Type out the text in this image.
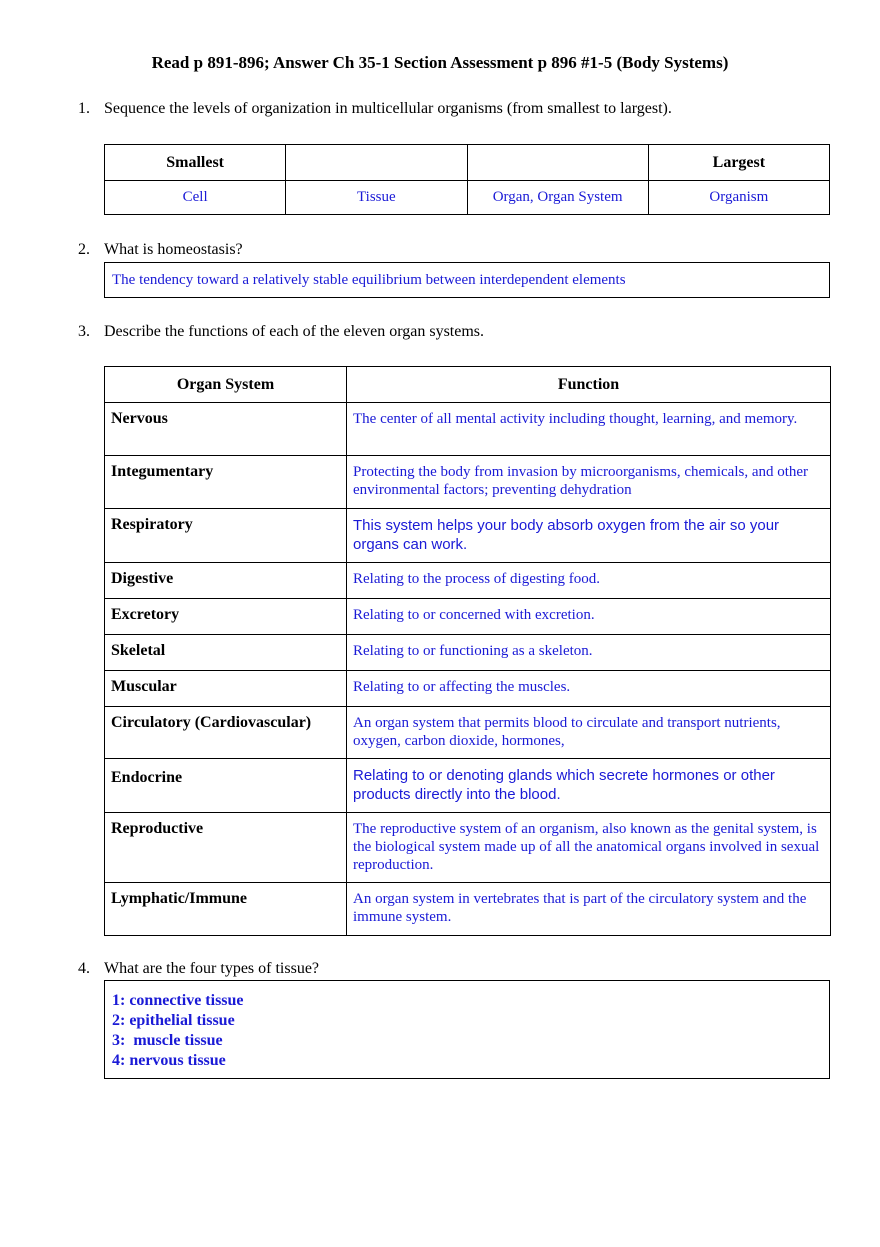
Read p 891-896; Answer Ch 35-1 Section Assessment p 896 #1-5 (Body Systems)
1. Sequence the levels of organization in multicellular organisms (from smallest to largest).
Smallest			Largest
Cell	Tissue	Organ, Organ System	Organism
2. What is homeostasis?
The tendency toward a relatively stable equilibrium between interdependent elements
3. Describe the functions of each of the eleven organ systems.
Organ System	Function
Nervous	The center of all mental activity including thought, learning, and memory.
Integumentary	Protecting the body from invasion by microorganisms, chemicals, and other environmental factors; preventing dehydration
Respiratory	This system helps your body absorb oxygen from the air so your organs can work.
Digestive	Relating to the process of digesting food.
Excretory	Relating to or concerned with excretion.
Skeletal	Relating to or functioning as a skeleton.
Muscular	Relating to or affecting the muscles.
Circulatory (Cardiovascular)	An organ system that permits blood to circulate and transport nutrients, oxygen, carbon dioxide, hormones,
Endocrine	Relating to or denoting glands which secrete hormones or other products directly into the blood.
Reproductive	The reproductive system of an organism, also known as the genital system, is the biological system made up of all the anatomical organs involved in sexual reproduction.
Lymphatic/Immune	An organ system in vertebrates that is part of the circulatory system and the immune system.
4. What are the four types of tissue?
1: connective tissue
2: epithelial tissue
3:  muscle tissue
4: nervous tissue
